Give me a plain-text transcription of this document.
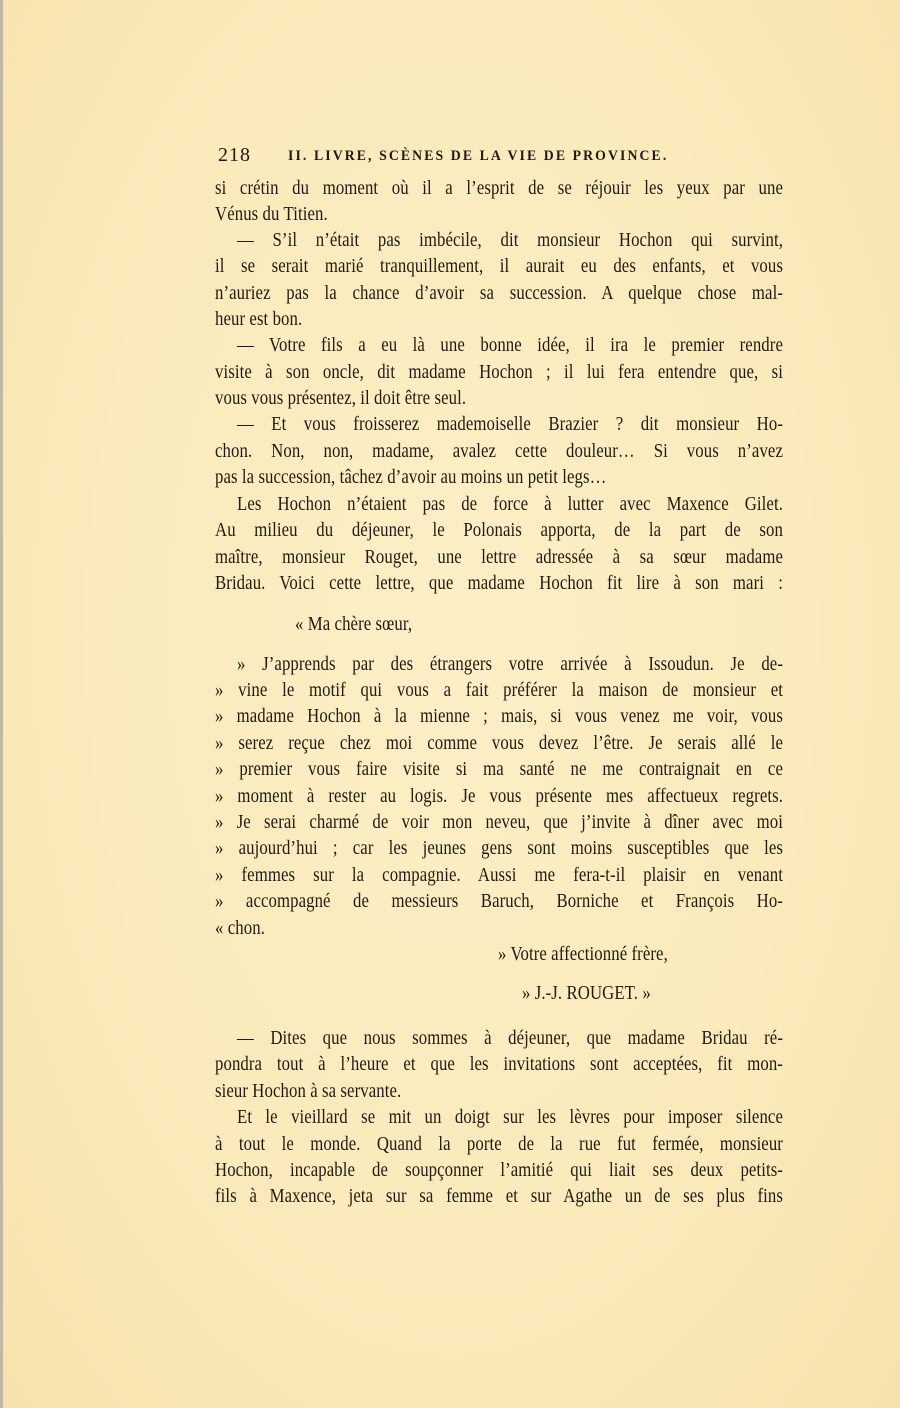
218	II. LIVRE, SCÈNES DE LA VIE DE PROVINCE.
si crétin du moment où il a l’esprit de se réjouir les yeux par une
Vénus du Titien.
— S’il n’était pas imbécile, dit monsieur Hochon qui survint,
il se serait marié tranquillement, il aurait eu des enfants, et vous
n’auriez pas la chance d’avoir sa succession. A quelque chose mal-
heur est bon.
— Votre fils a eu là une bonne idée, il ira le premier rendre
visite à son oncle, dit madame Hochon ; il lui fera entendre que, si
vous vous présentez, il doit être seul.
— Et vous froisserez mademoiselle Brazier ? dit monsieur Ho-
chon. Non, non, madame, avalez cette douleur… Si vous n’avez
pas la succession, tâchez d’avoir au moins un petit legs…
Les Hochon n’étaient pas de force à lutter avec Maxence Gilet.
Au milieu du déjeuner, le Polonais apporta, de la part de son
maître, monsieur Rouget, une lettre adressée à sa sœur madame
Bridau. Voici cette lettre, que madame Hochon fit lire à son mari :
« Ma chère sœur,
» J’apprends par des étrangers votre arrivée à Issoudun. Je de-
» vine le motif qui vous a fait préférer la maison de monsieur et
» madame Hochon à la mienne ; mais, si vous venez me voir, vous
» serez reçue chez moi comme vous devez l’être. Je serais allé le
» premier vous faire visite si ma santé ne me contraignait en ce
» moment à rester au logis. Je vous présente mes affectueux regrets.
» Je serai charmé de voir mon neveu, que j’invite à dîner avec moi
» aujourd’hui ; car les jeunes gens sont moins susceptibles que les
» femmes sur la compagnie. Aussi me fera-t-il plaisir en venant
» accompagné de messieurs Baruch, Borniche et François Ho-
« chon.
» Votre affectionné frère,
» J.-J. ROUGET. »
— Dites que nous sommes à déjeuner, que madame Bridau ré-
pondra tout à l’heure et que les invitations sont acceptées, fit mon-
sieur Hochon à sa servante.
Et le vieillard se mit un doigt sur les lèvres pour imposer silence
à tout le monde. Quand la porte de la rue fut fermée, monsieur
Hochon, incapable de soupçonner l’amitié qui liait ses deux petits-
fils à Maxence, jeta sur sa femme et sur Agathe un de ses plus fins
